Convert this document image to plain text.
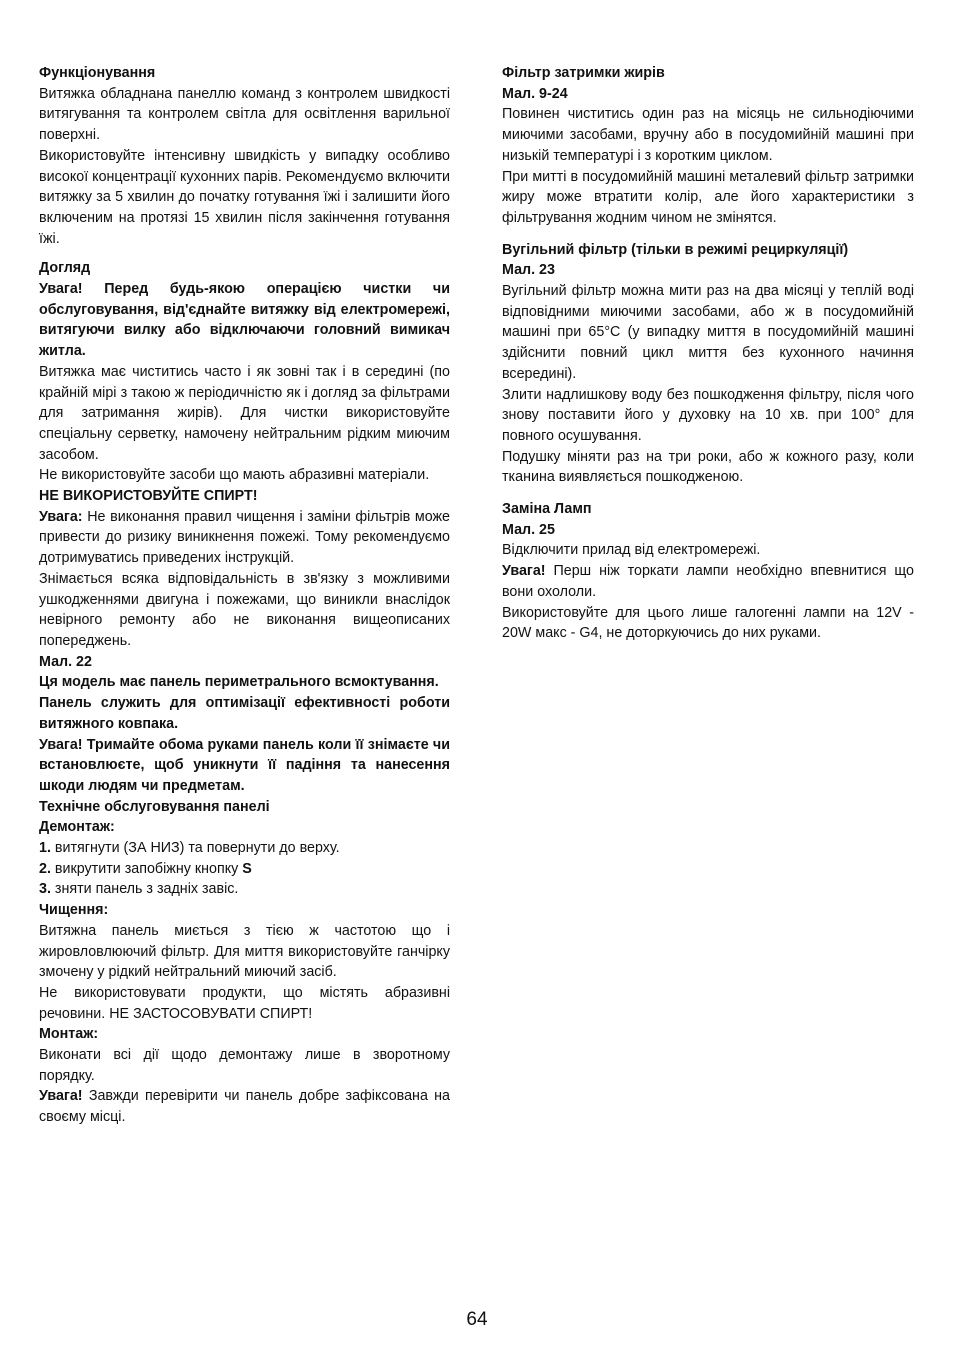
Функціонування

Витяжка обладнана панеллю команд з контролем швидкості витягування та контролем світла для освітлення варильної поверхні.

Використовуйте інтенсивну швидкість у випадку особливо високої концентрації кухонних парів. Рекомендуємо включити витяжку за 5 хвилин до початку готування їжі і залишити його включеним на протязі 15 хвилин після закінчення готування їжі.

Догляд

Увага! Перед будь-якою операцією чистки чи обслуговування, від'єднайте витяжку від електромережі, витягуючи вилку або відключаючи головний вимикач житла.

Витяжка має чиститись часто і як зовні так і в середині (по крайній мірі з такою ж періодичністю як і догляд за фільтрами для затримання жирів). Для чистки використовуйте спеціальну серветку, намочену нейтральним рідким миючим засобом.

Не використовуйте засоби що мають абразивні матеріали.

НЕ ВИКОРИСТОВУЙТЕ СПИРТ!

Увага: Не виконання правил чищення і заміни фільтрів може привести до ризику виникнення пожежі. Тому рекомендуємо дотримуватись приведених інструкцій.

Знімається всяка відповідальність в зв'язку з можливими ушкодженнями двигуна і пожежами, що виникли внаслідок невірного ремонту або не виконання вищеописаних попереджень.

Мал. 22

Ця модель має панель периметрального всмоктування.

Панель служить для оптимізації ефективності роботи витяжного ковпака.

Увага! Тримайте обома руками панель коли її знімаєте чи встановлюєте, щоб уникнути її падіння та нанесення шкоди людям чи предметам.

Технічне обслуговування панелі

Демонтаж:

1. витягнути (ЗА НИЗ) та повернути до верху.

2. викрутити запобіжну кнопку S

3. зняти панель з задніх завіс.

Чищення:

Витяжна панель миється з тією ж частотою що і жировловлюючий фільтр. Для миття використовуйте ганчірку змочену у рідкий нейтральний миючий засіб.

Не використовувати продукти, що містять абразивні речовини. НЕ ЗАСТОСОВУВАТИ СПИРТ!

Монтаж:

Виконати всі дії щодо демонтажу лише в зворотному порядку.

Увага! Завжди перевірити чи панель добре зафіксована на своєму місці.

Фільтр затримки жирів

Мал. 9-24

Повинен чиститись один раз на місяць не сильнодіючими миючими засобами, вручну або в посудомийній машині при низькій температурі і з коротким циклом.

При митті в посудомийній машині металевий фільтр затримки жиру може втратити колір, але його характеристики з фільтрування жодним чином не змінятся.

Вугільний фільтр (тільки в режимі рециркуляції)

Мал. 23

Вугільний фільтр можна мити раз на два місяці у теплій воді відповідними миючими засобами, або ж в посудомийній машині при 65°С (у випадку миття в посудомийній машині здійснити повний цикл миття без кухонного начиння всередині).

Злити надлишкову воду без пошкодження фільтру, після чого знову поставити його у духовку на 10 хв. при 100° для повного осушування.

Подушку міняти раз на три роки, або ж кожного разу, коли тканина виявляється пошкодженою.

Заміна Ламп

Мал. 25

Відключити прилад від електромережі.

Увага! Перш ніж торкати лампи необхідно впевнитися що вони охололи.

Використовуйте для цього лише галогенні лампи на 12V - 20W макс - G4, не доторкуючись до них руками.

64
